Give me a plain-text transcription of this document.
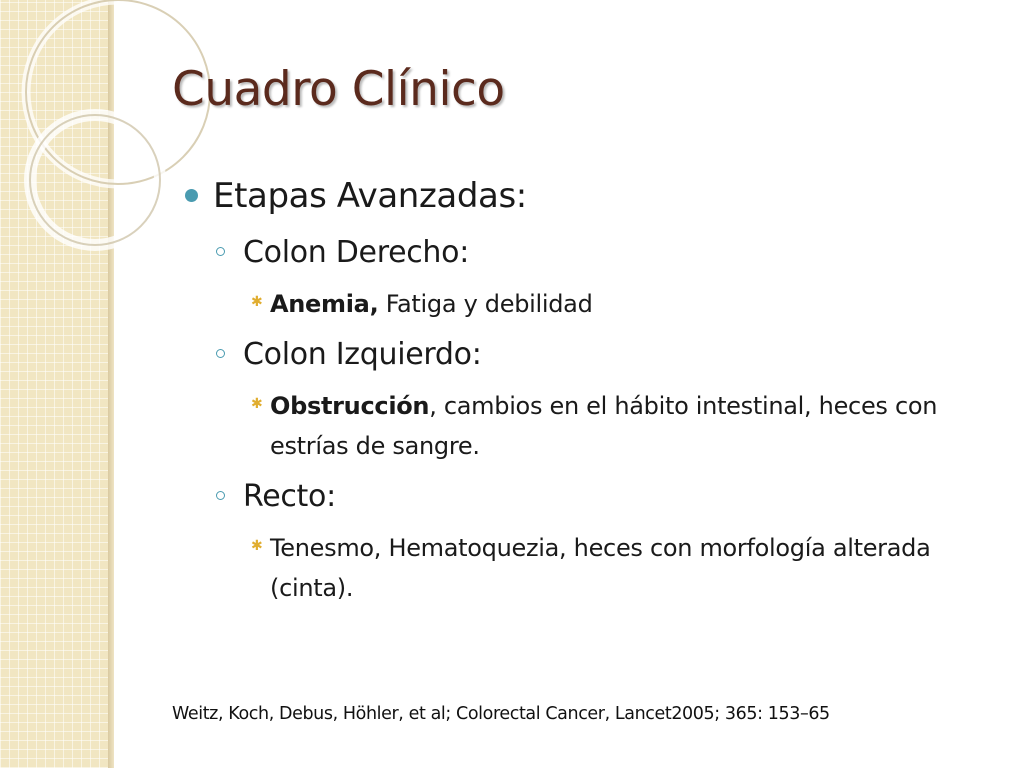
Cuadro Clínico
Etapas Avanzadas:
Colon Derecho:
✱ Anemia, Fatiga y debilidad
Colon Izquierdo:
✱ Obstrucción, cambios en el hábito intestinal, heces con estrías de sangre.
Recto:
✱ Tenesmo, Hematoquezia, heces con morfología alterada (cinta).
Weitz, Koch, Debus, Höhler, et al; Colorectal Cancer, Lancet2005; 365: 153–65
